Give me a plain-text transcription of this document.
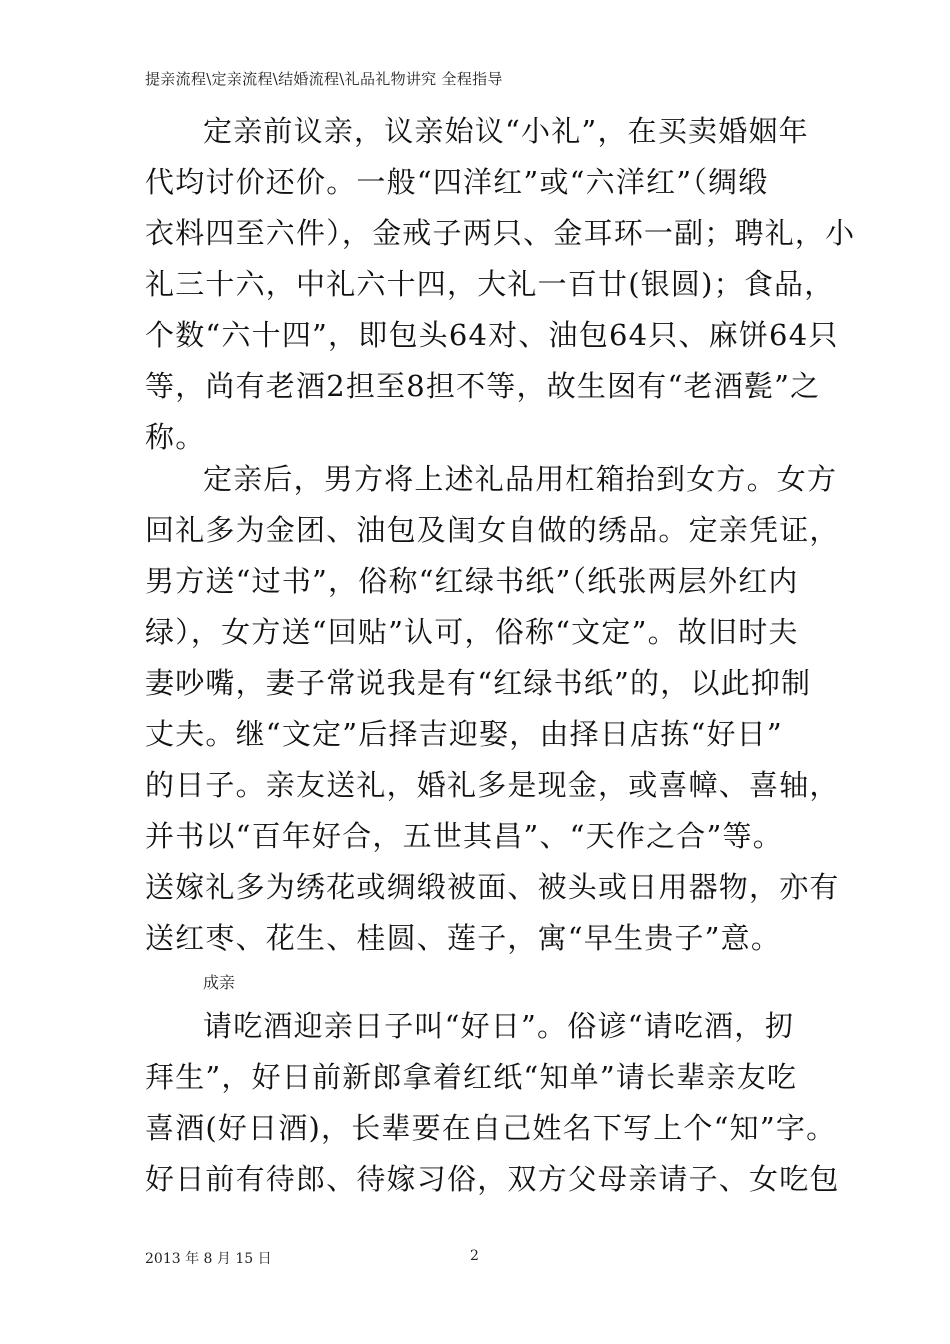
提亲流程\定亲流程\结婚流程\礼品礼物讲究 全程指导
定亲前议亲，议亲始议“小礼”，在买卖婚姻年
代均讨价还价。一般“四洋红”或“六洋红”（绸缎
衣料四至六件），金戒子两只、金耳环一副；聘礼，小
礼三十六，中礼六十四，大礼一百廿(银圆)；食品，
个数“六十四”，即包头64对、油包64只、麻饼64只
等，尚有老酒2担至8担不等，故生囡有“老酒甏”之
称。
定亲后，男方将上述礼品用杠箱抬到女方。女方
回礼多为金团、油包及闺女自做的绣品。定亲凭证，
男方送“过书”，俗称“红绿书纸”（纸张两层外红内
绿），女方送“回贴”认可，俗称“文定”。故旧时夫
妻吵嘴，妻子常说我是有“红绿书纸”的，以此抑制
丈夫。继“文定”后择吉迎娶，由择日店拣“好日”
的日子。亲友送礼，婚礼多是现金，或喜幛、喜轴，
并书以“百年好合，五世其昌”、“天作之合”等。
送嫁礼多为绣花或绸缎被面、被头或日用器物，亦有
送红枣、花生、桂圆、莲子，寓“早生贵子”意。
成亲
请吃酒迎亲日子叫“好日”。俗谚“请吃酒，扨
拜生”，好日前新郎拿着红纸“知单”请长辈亲友吃
喜酒(好日酒)，长辈要在自己姓名下写上个“知”字。
好日前有待郎、待嫁习俗，双方父母亲请子、女吃包
2013 年 8 月 15 日	2
